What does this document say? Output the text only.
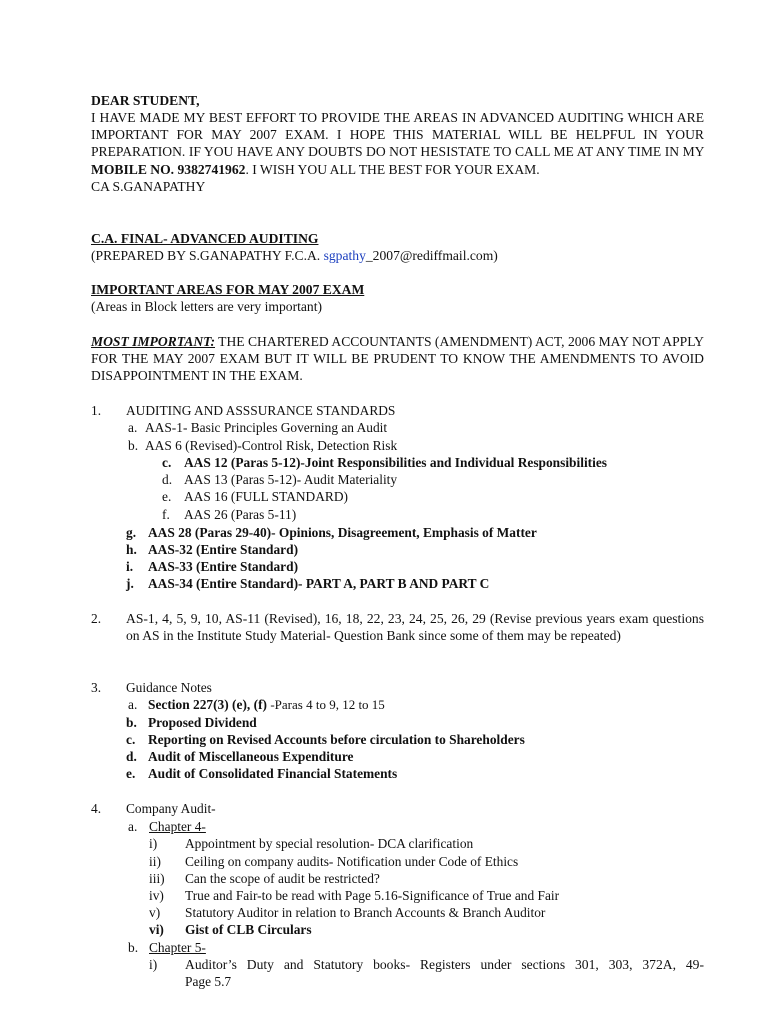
DEAR STUDENT,

I HAVE MADE MY BEST EFFORT TO PROVIDE THE AREAS IN ADVANCED AUDITING WHICH ARE IMPORTANT FOR MAY 2007 EXAM. I HOPE THIS MATERIAL WILL BE HELPFUL IN YOUR PREPARATION. IF YOU HAVE ANY DOUBTS DO NOT HESISTATE TO CALL ME AT ANY TIME IN MY MOBILE NO. 9382741962. I WISH YOU ALL THE BEST FOR YOUR EXAM.

CA S.GANAPATHY

C.A. FINAL- ADVANCED AUDITING

(PREPARED BY S.GANAPATHY F.C.A. sgpathy_2007@rediffmail.com)

IMPORTANT AREAS FOR MAY 2007 EXAM

(Areas in Block letters are very important)

MOST IMPORTANT: THE CHARTERED ACCOUNTANTS (AMENDMENT) ACT, 2006 MAY NOT APPLY FOR THE MAY 2007 EXAM BUT IT WILL BE PRUDENT TO KNOW THE AMENDMENTS TO AVOID DISAPPOINTMENT IN THE EXAM.

1. AUDITING AND ASSSURANCE STANDARDS
a. AAS-1- Basic Principles Governing an Audit
b. AAS 6 (Revised)-Control Risk, Detection Risk
c. AAS 12 (Paras 5-12)-Joint Responsibilities and Individual Responsibilities
d. AAS 13 (Paras 5-12)- Audit Materiality
e. AAS 16 (FULL STANDARD)
f. AAS 26 (Paras 5-11)
g. AAS 28 (Paras 29-40)- Opinions, Disagreement, Emphasis of Matter
h. AAS-32 (Entire Standard)
i. AAS-33 (Entire Standard)
j. AAS-34 (Entire Standard)- PART A, PART B AND PART C
2. AS-1, 4, 5, 9, 10, AS-11 (Revised), 16, 18, 22, 23, 24, 25, 26, 29 (Revise previous years exam questions on AS in the Institute Study Material- Question Bank since some of them may be repeated)

3. Guidance Notes
a. Section 227(3) (e), (f) -Paras 4 to 9, 12 to 15
b. Proposed Dividend
c. Reporting on Revised Accounts before circulation to Shareholders
d. Audit of Miscellaneous Expenditure
e. Audit of Consolidated Financial Statements
4. Company Audit-
a. Chapter 4-
i) Appointment by special resolution- DCA clarification
ii) Ceiling on company audits- Notification under Code of Ethics
iii) Can the scope of audit be restricted?
iv) True and Fair-to be read with Page 5.16-Significance of True and Fair
v) Statutory Auditor in relation to Branch Accounts & Branch Auditor
vi) Gist of CLB Circulars
b. Chapter 5-
i) Auditor’s Duty and Statutory books- Registers under sections 301, 303, 372A, 49-

Page 5.7
